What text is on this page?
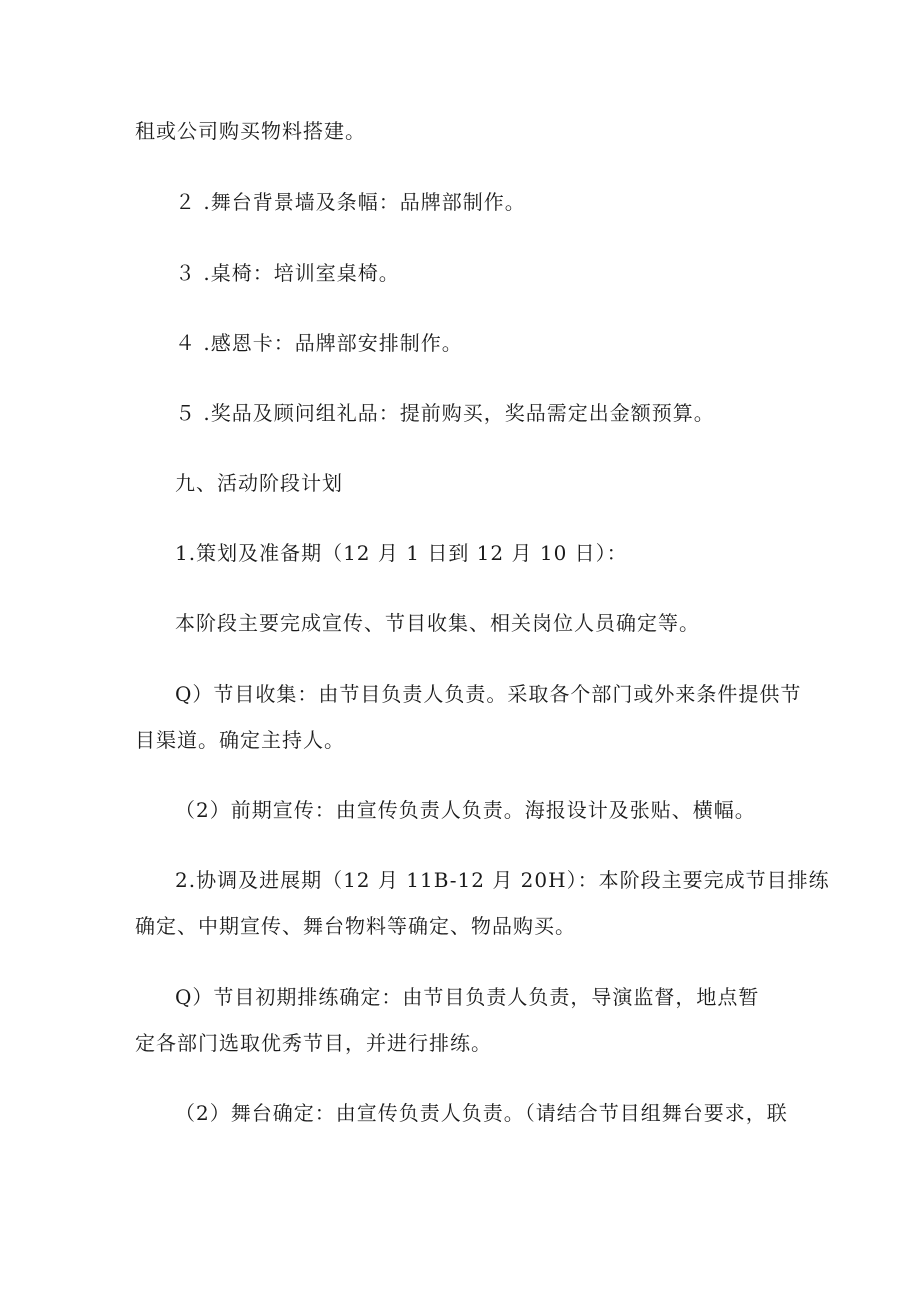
租或公司购买物料搭建。
２ .舞台背景墙及条幅：品牌部制作。
３ .桌椅：培训室桌椅。
４ .感恩卡：品牌部安排制作。
５ .奖品及顾问组礼品：提前购买，奖品需定出金额预算。
九、活动阶段计划
1.策划及准备期（12 月 1 日到 12 月 10 日）：
本阶段主要完成宣传、节目收集、相关岗位人员确定等。
Q）节目收集：由节目负责人负责。采取各个部门或外来条件提供节
目渠道。确定主持人。
（2）前期宣传：由宣传负责人负责。海报设计及张贴、横幅。
2.协调及进展期（12 月 11B-12 月 20H）：本阶段主要完成节目排练
确定、中期宣传、舞台物料等确定、物品购买。
Q）节目初期排练确定：由节目负责人负责，导演监督，地点暂
定各部门选取优秀节目，并进行排练。
（2）舞台确定：由宣传负责人负责。（请结合节目组舞台要求，联
